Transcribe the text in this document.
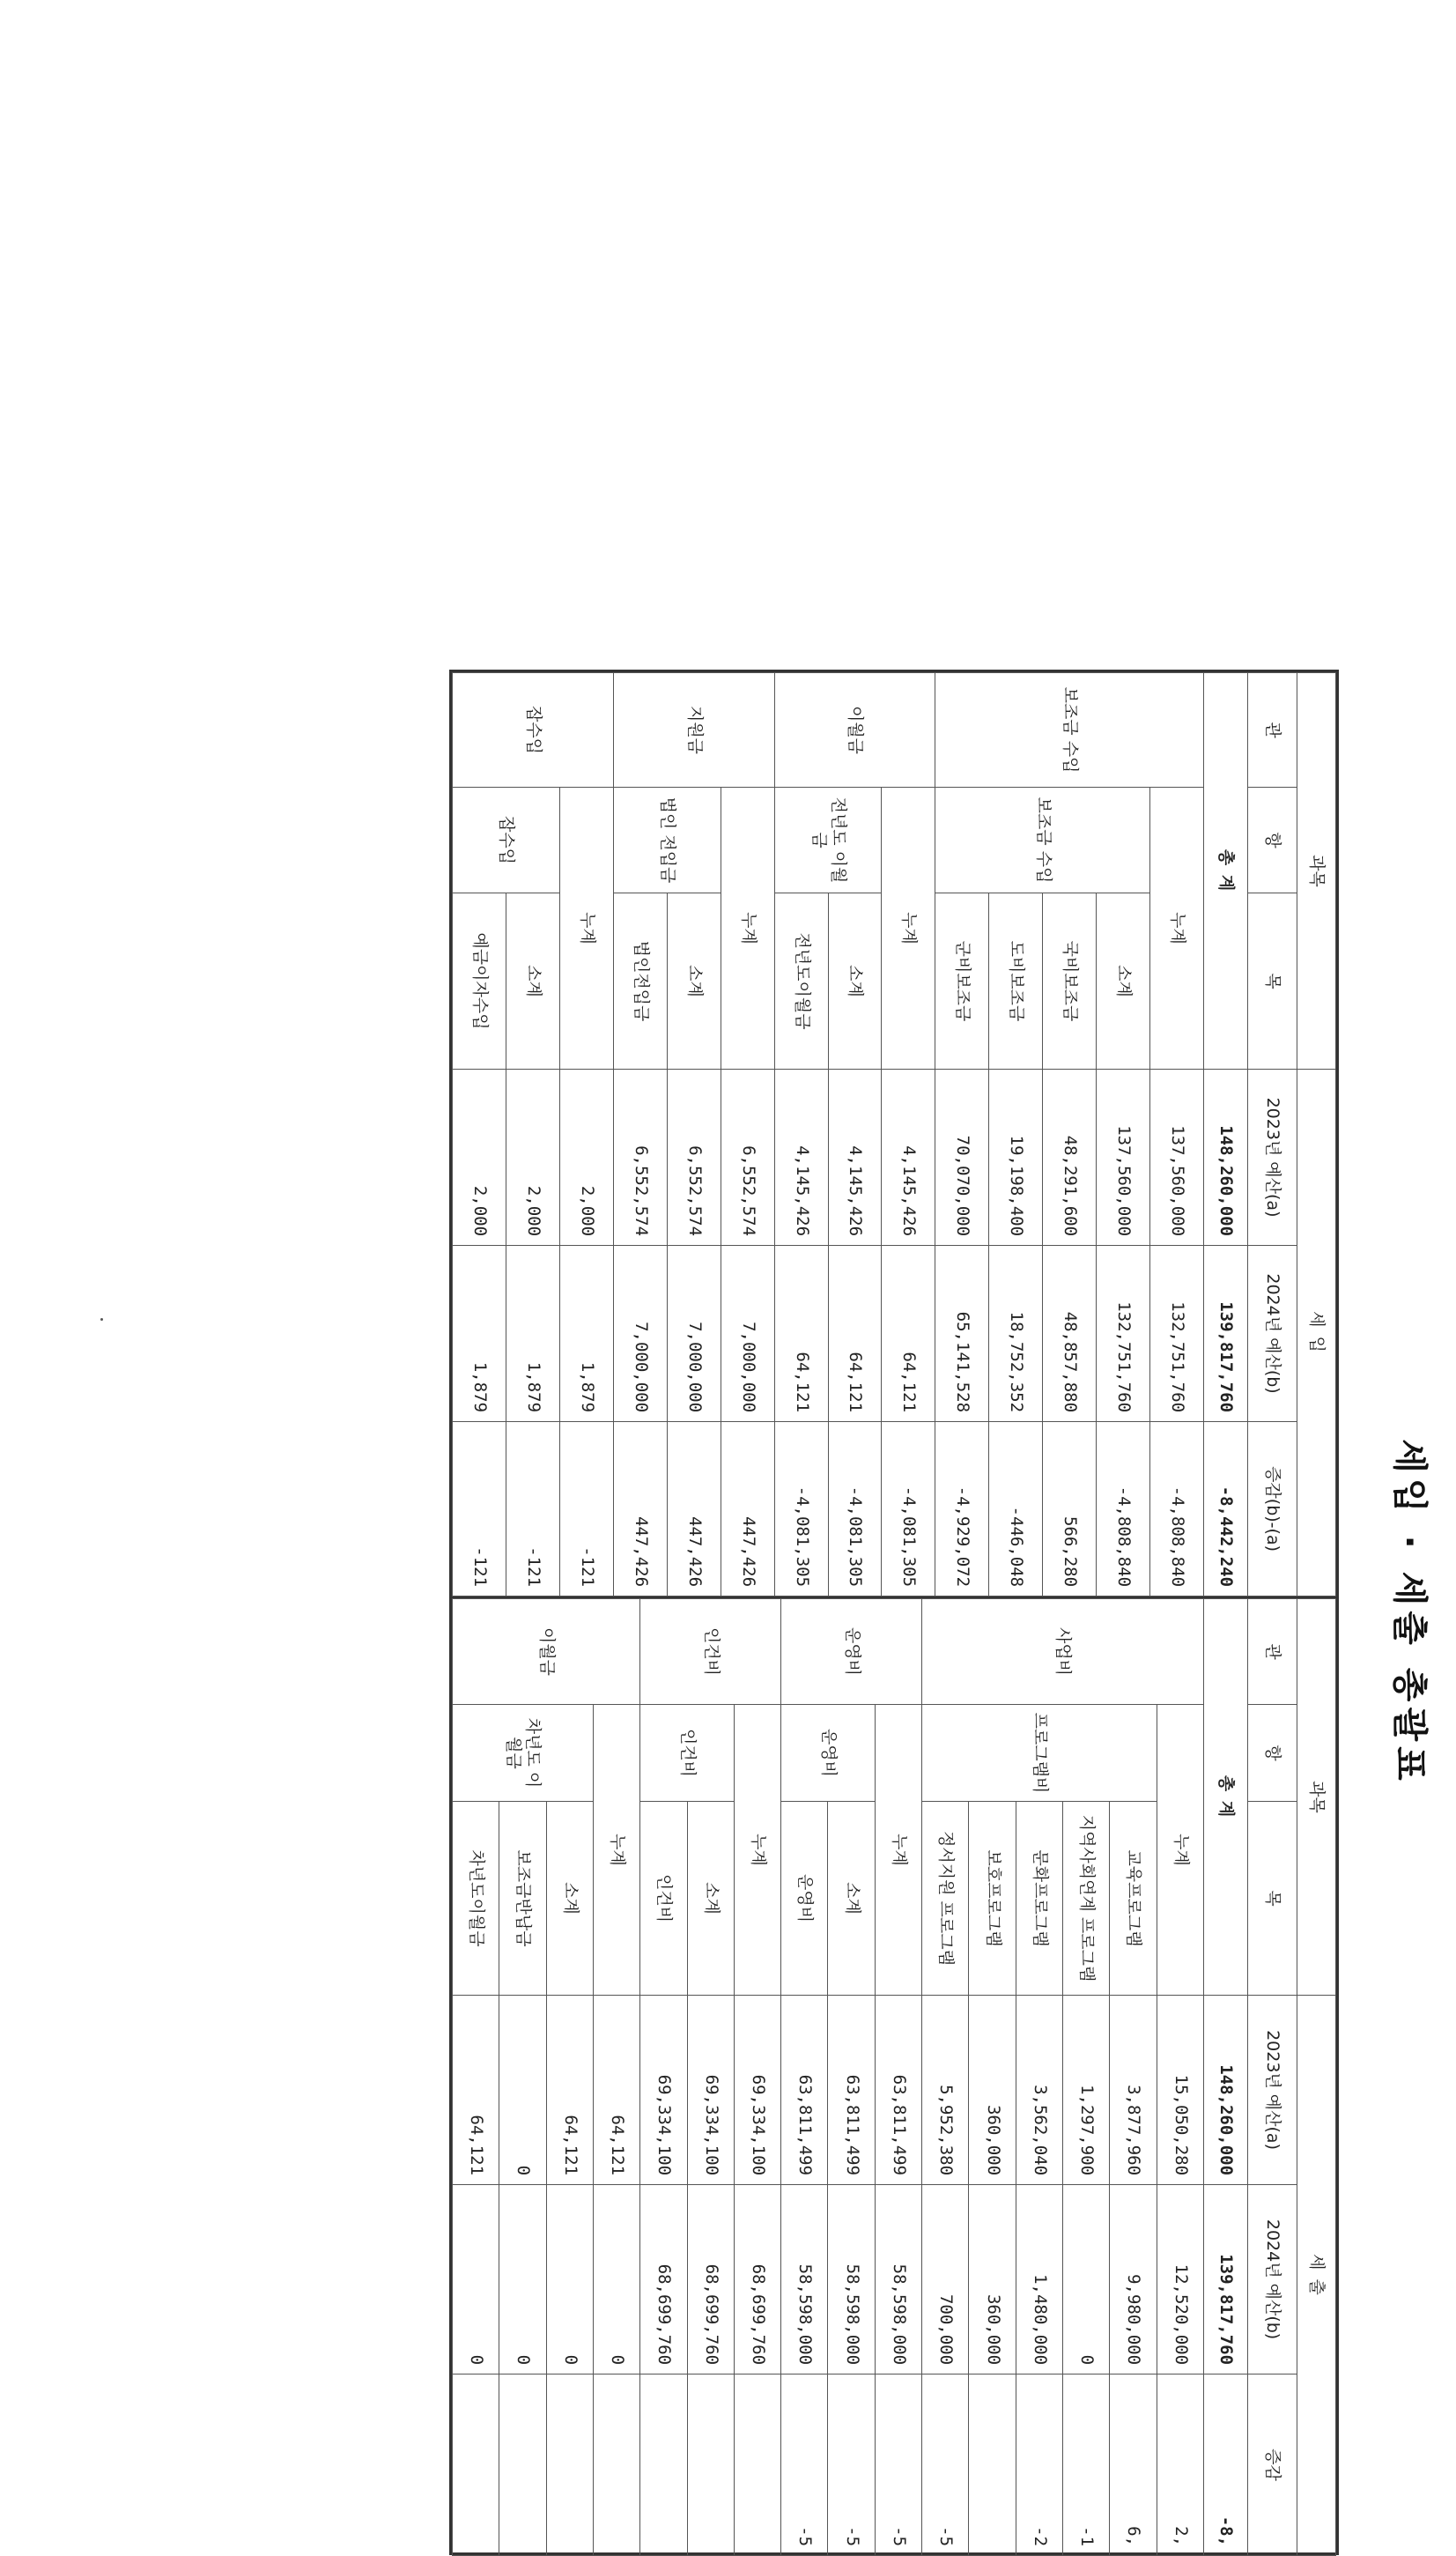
세입 · 세출 총괄표
과목			세 입		
관	항	목	2023년 예산(a)	2024년 예산(b)	증감(b)-(a)
총 계			148,260,000	139,817,760	-8,442,240
보조금 수입	누계		137,560,000	132,751,760	-4,808,840
	보조금 수입	소계	137,560,000	132,751,760	-4,808,840
		국비보조금	48,291,600	48,857,880	566,280
		도비보조금	19,198,400	18,752,352	-446,048
		군비보조금	70,070,000	65,141,528	-4,929,072
이월금	누계		4,145,426	64,121	-4,081,305
	전년도 이월금	소계	4,145,426	64,121	-4,081,305
		전년도이월금	4,145,426	64,121	-4,081,305
지원금	누계		6,552,574	7,000,000	447,426
	법인 전입금	소계	6,552,574	7,000,000	447,426
		법인전입금	6,552,574	7,000,000	447,426
잡수입	누계		2,000	1,879	-121
	잡수입	소계	2,000	1,879	-121
		예금이자수입	2,000	1,879	-121
과목			세 출		
관	항	목	2023년 예산(a)	2024년 예산(b)	증감
총 계			148,260,000	139,817,760	-8,
사업비	누계		15,050,280	12,520,000	2,
	프로그램비	교육프로그램	3,877,960	9,980,000	6,
		지역사회연계 프로그램	1,297,900	0	-1
		문화프로그램	3,562,040	1,480,000	-2
		보호프로그램	360,000	360,000	
		정서지원 프로그램	5,952,380	700,000	-5
운영비	누계		63,811,499	58,598,000	-5
	운영비	소계	63,811,499	58,598,000	-5
		운영비	63,811,499	58,598,000	-5
인건비	누계		69,334,100	68,699,760	
	인건비	소계	69,334,100	68,699,760	
		인건비	69,334,100	68,699,760	
이월금	누계		64,121	0	
	차년도 이월금	소계	64,121	0	
		보조금반납금	0	0	
		차년도이월금	64,121	0	
